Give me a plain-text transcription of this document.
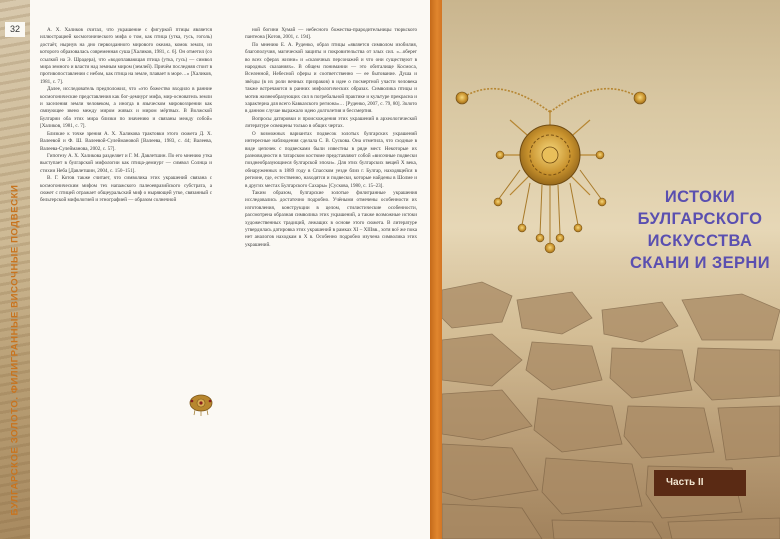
32
БУЛГАРСКОЕ ЗОЛОТО. ФИЛИГРАННЫЕ ВИСОЧНЫЕ ПОДВЕСКИ

А. Х. Халиков считал, что украшение с фигуркой птицы является иллюстрацией космогонического мифа о том, как птица (утка, гусь, гоголь) достаёт, нырнув на дно первозданного мирового океана, комок земли, из которого образовалась современная суша [Халиков, 1981, с. 6]. Он отметил (со ссылкой на Э. Шрадера), что «водоплавающая птица (утка, гусь) — символ мира земного и власти над земным миром (землей). Причём последняя стоит в противопоставлении с небом, как птица на земле, плавает в море…» [Халиков, 1981, с. 7].

Далее, исследователь предположил, что «это божество входило в ранние космогонические представления как бог-демиург мифа, мир-основатель земли и заселения земли человеком, а иногда в языческом мировоззрении как связующее звено между миром живых и миром мёртвых. В Волжской Булгарии оба этих мира близки по значению и связаны между собой» [Халиков, 1981, с. 7].

Близкие к точке зрения А. Х. Халикова трактовки этого сюжета Д. Х. Валеевой и Ф. Ш. Валеевой-Сулеймановой [Валеева, 1983, с. 44; Валеева, Валеева-Сулейманова, 2002, с. 57].

Гипотезу А. Х. Халикова разделяет и Г. М. Давлетшин. По его мнению утка выступает в булгарской мифологии как птица-демиург — символ Солнца и стихии Неба [Давлетшин, 2004, с. 150–151].

В. Г. Котов также считает, что символика этих украшений связана с космогоническим мифом тех напажского палеоевразийского субстрата, а сюжет с птицей отражает общеуральский миф о ныряющей утке, связанный с бельгерской мифологией и этнографией — образом солнечной

ной богини Хумай — небесного божества-прародительницы тюркского пантеона [Котов, 2001, с. 194].

По мнению Е. А. Руденко, образ птицы «является символом изобилия, благополучия, магической защиты и покровительства от злых сил. «...оберег во всех сферах жизни» и «сказочных персонажей и что они существуют в народных сказаниях». В общем понимании — это обиталище Космоса, Вселенной, Небесной сферы и соответственно — ее бытование. Душа и звёзды (в их роли вечных призраков) в идее о посмертной участи человека также встречаются в ранних мифологических образах. Символика птицы и мотив жизнеобразующих сил в погребальной практике и культуре прекрасна и характерна для всего Кавказского региона»… [Руденко, 2007, с. 79, 80]. Золото в данном случае выражало идею долголетия и бессмертия.

Вопросы датировки и происхождения этих украшений в археологической литературе освещены только в общих чертах.

О возможных вариантах подвесок золотых булгарских украшений интересные наблюдения сделала С. В. Сускова. Она отметила, что сходные в виде цепочек с подвесками были известны в ряде мест. Некоторые их разновидности в татарском костюме представляют собой «височные подвески позднеобразующиеся булгарской эпохи». Для этих булгарских вещей Х века, обнаруженных в 1889 году в Спасском уезде близ г. Булгар, находящейся в регионе, где, естественно, находятся и подвески, которые найдены в Шолме и в других местах Булгарского Сахары» [Сускова, 1980, с. 15–23].

Таким образом, булгарские золотые филигранные украшения исследовались достаточно подробно. Учёными отмечены особенности их изготовления, конструкции в целом, стилистические особенности, рассмотрена образная символика этих украшений, а также возможные истоки художественных традиций, лежащих в основе этого сюжета. В литературе утвердилась датировка этих украшений в рамках XI – XIIIвв., хотя всё же пока нет аналогов находкам в Х в. Особенно подробно изучена символика этих украшений.

ИСТОКИ
БУЛГАРСКОГО
ИСКУССТВА
СКАНИ И ЗЕРНИ
Часть II
